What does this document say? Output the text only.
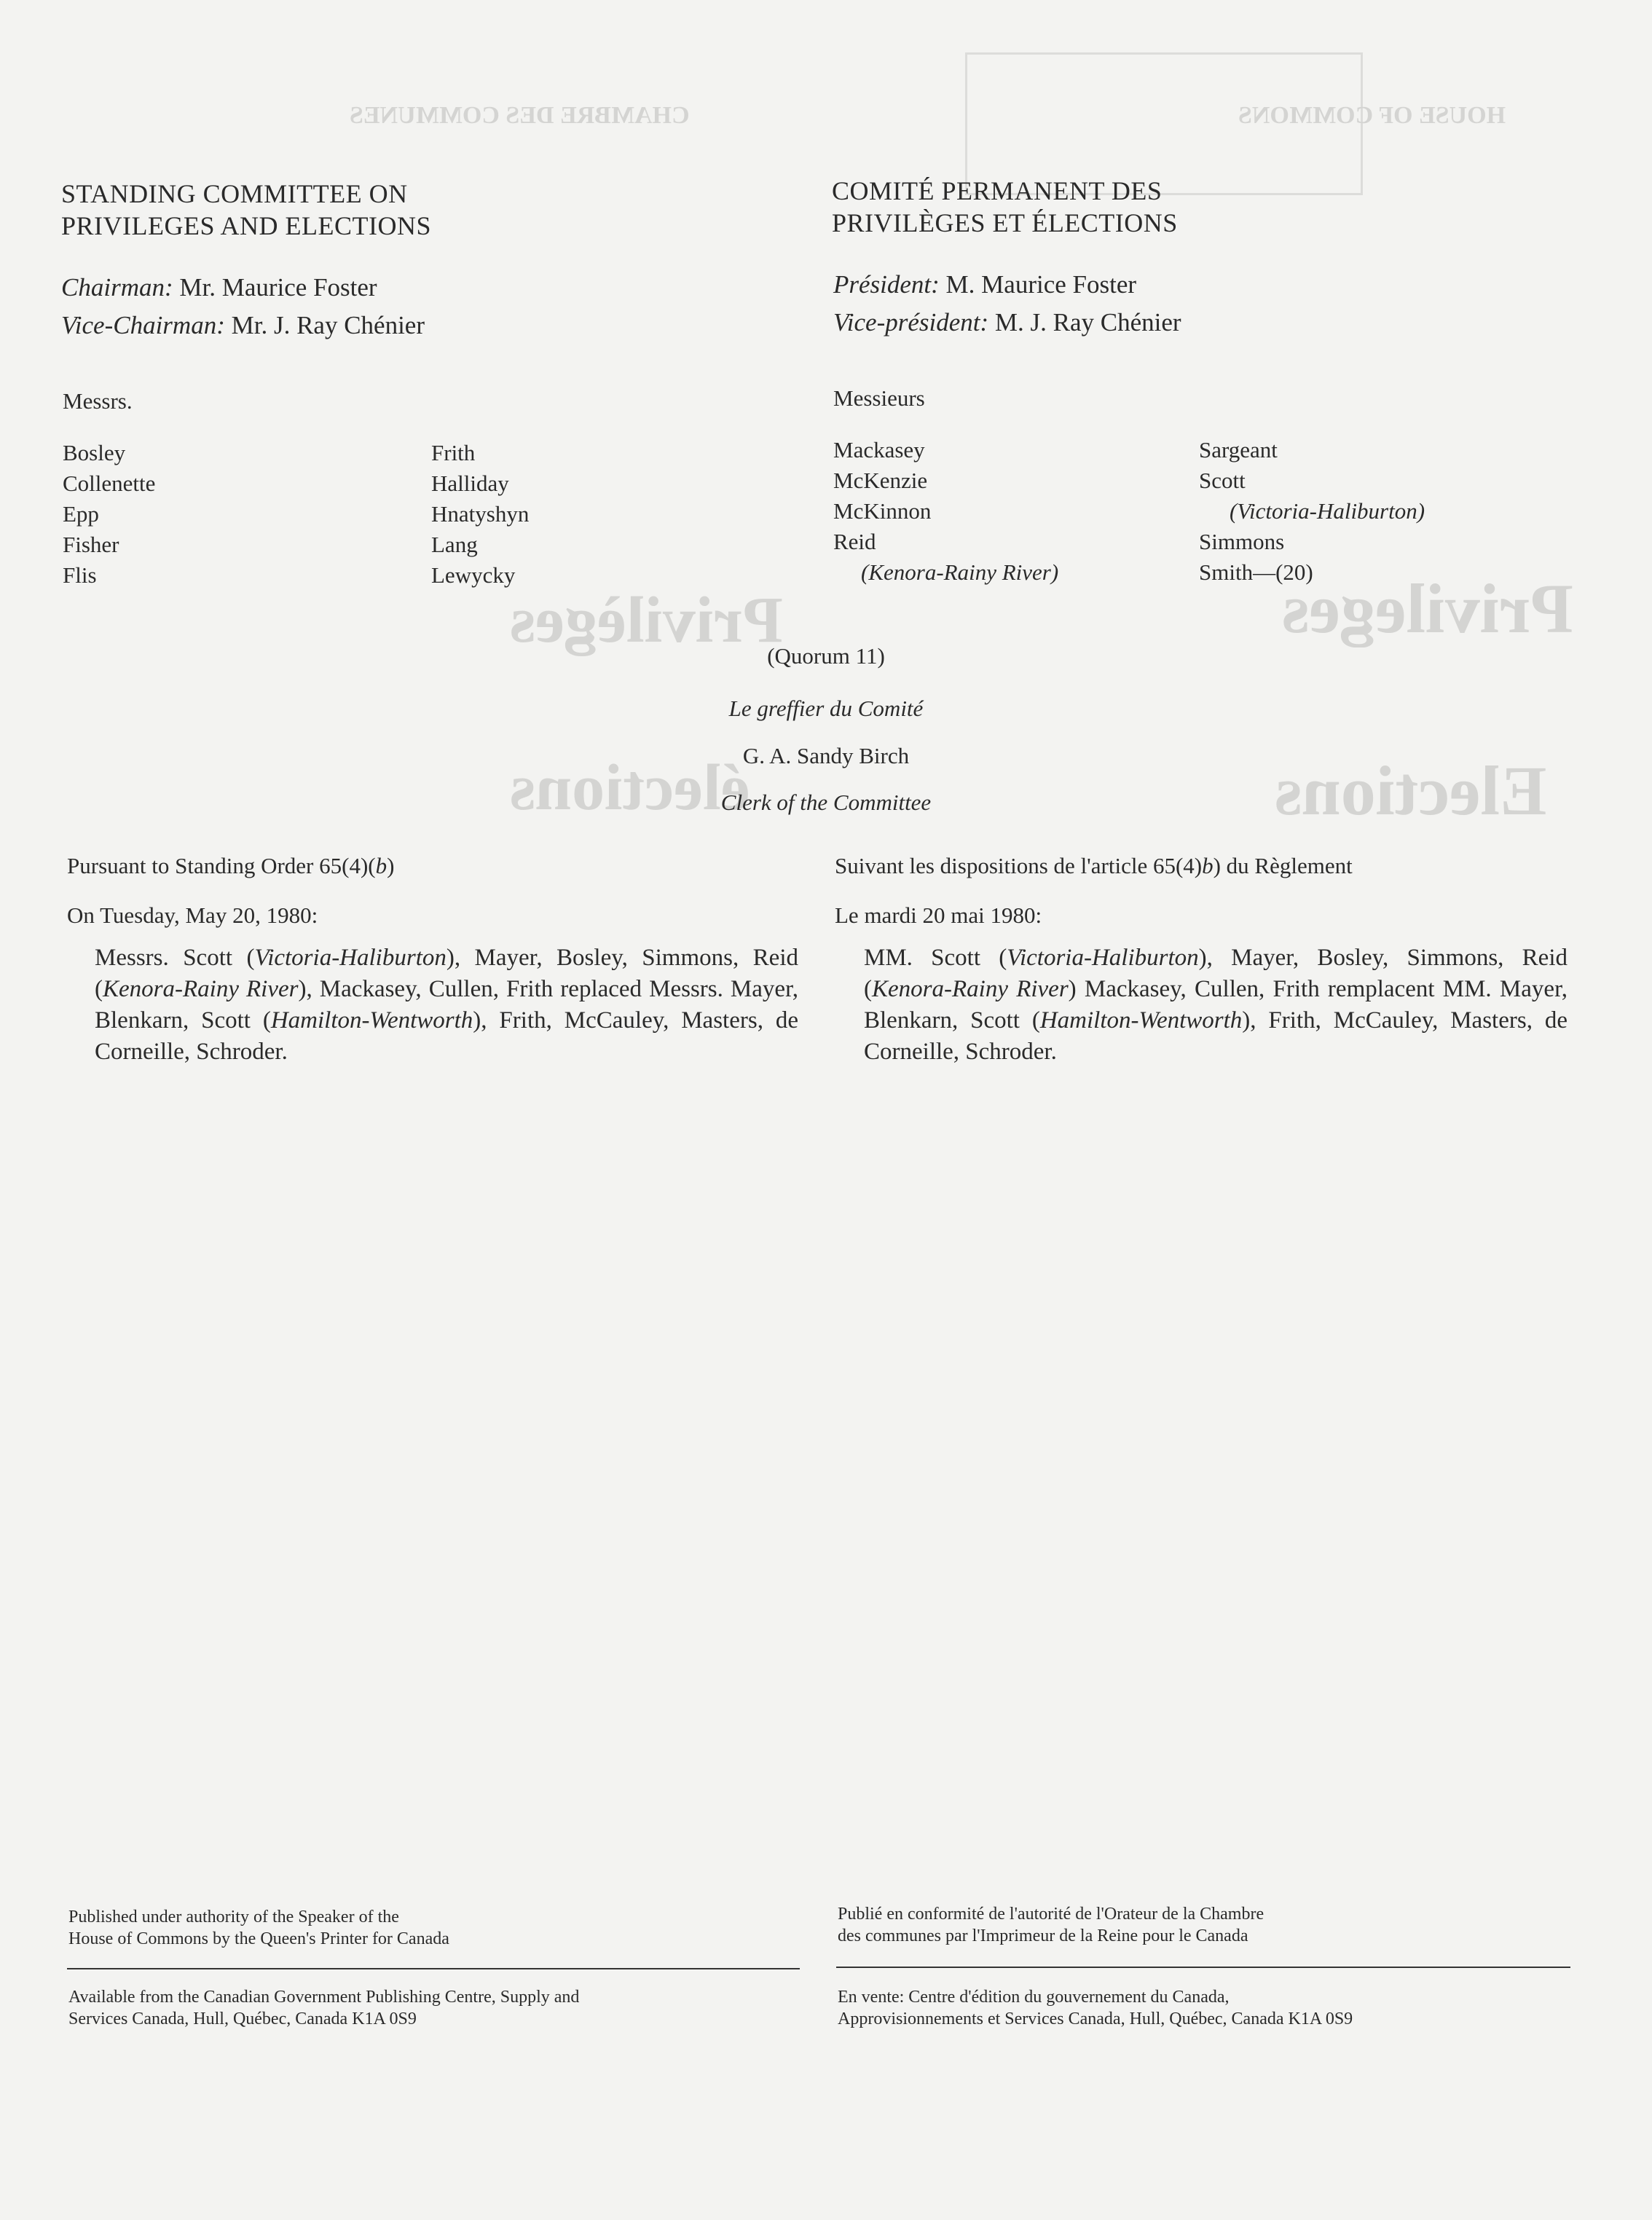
Privileges
Elections
Privilèges
élections
CHAMBRE DES COMMUNES	HOUSE OF COMMONS
STANDING COMMITTEE ON
PRIVILEGES AND ELECTIONS
Chairman: Mr. Maurice Foster
Vice-Chairman: Mr. J. Ray Chénier
Messrs.
Bosley
Collenette
Epp
Fisher
Flis
Frith
Halliday
Hnatyshyn
Lang
Lewycky
COMITÉ PERMANENT DES
PRIVILÈGES ET ÉLECTIONS
Président: M. Maurice Foster
Vice-président: M. J. Ray Chénier
Messieurs
Mackasey
McKenzie
McKinnon
Reid
(Kenora-Rainy River)
Sargeant
Scott
(Victoria-Haliburton)
Simmons
Smith—(20)
(Quorum 11)
Le greffier du Comité
G. A. Sandy Birch
Clerk of the Committee
Pursuant to Standing Order 65(4)(b)
On Tuesday, May 20, 1980:
Messrs. Scott (Victoria-Haliburton), Mayer, Bosley, Simmons, Reid (Kenora-Rainy River), Mackasey, Cullen, Frith replaced Messrs. Mayer, Blenkarn, Scott (Hamilton-Wentworth), Frith, McCauley, Masters, de Corneille, Schroder.
Suivant les dispositions de l'article 65(4)b) du Règlement
Le mardi 20 mai 1980:
MM. Scott (Victoria-Haliburton), Mayer, Bosley, Simmons, Reid (Kenora-Rainy River) Mackasey, Cullen, Frith remplacent MM. Mayer, Blenkarn, Scott (Hamilton-Wentworth), Frith, McCauley, Masters, de Corneille, Schroder.
Published under authority of the Speaker of the
House of Commons by the Queen's Printer for Canada
Available from the Canadian Government Publishing Centre, Supply and
Services Canada, Hull, Québec, Canada K1A 0S9
Publié en conformité de l'autorité de l'Orateur de la Chambre
des communes par l'Imprimeur de la Reine pour le Canada
En vente: Centre d'édition du gouvernement du Canada,
Approvisionnements et Services Canada, Hull, Québec, Canada K1A 0S9
